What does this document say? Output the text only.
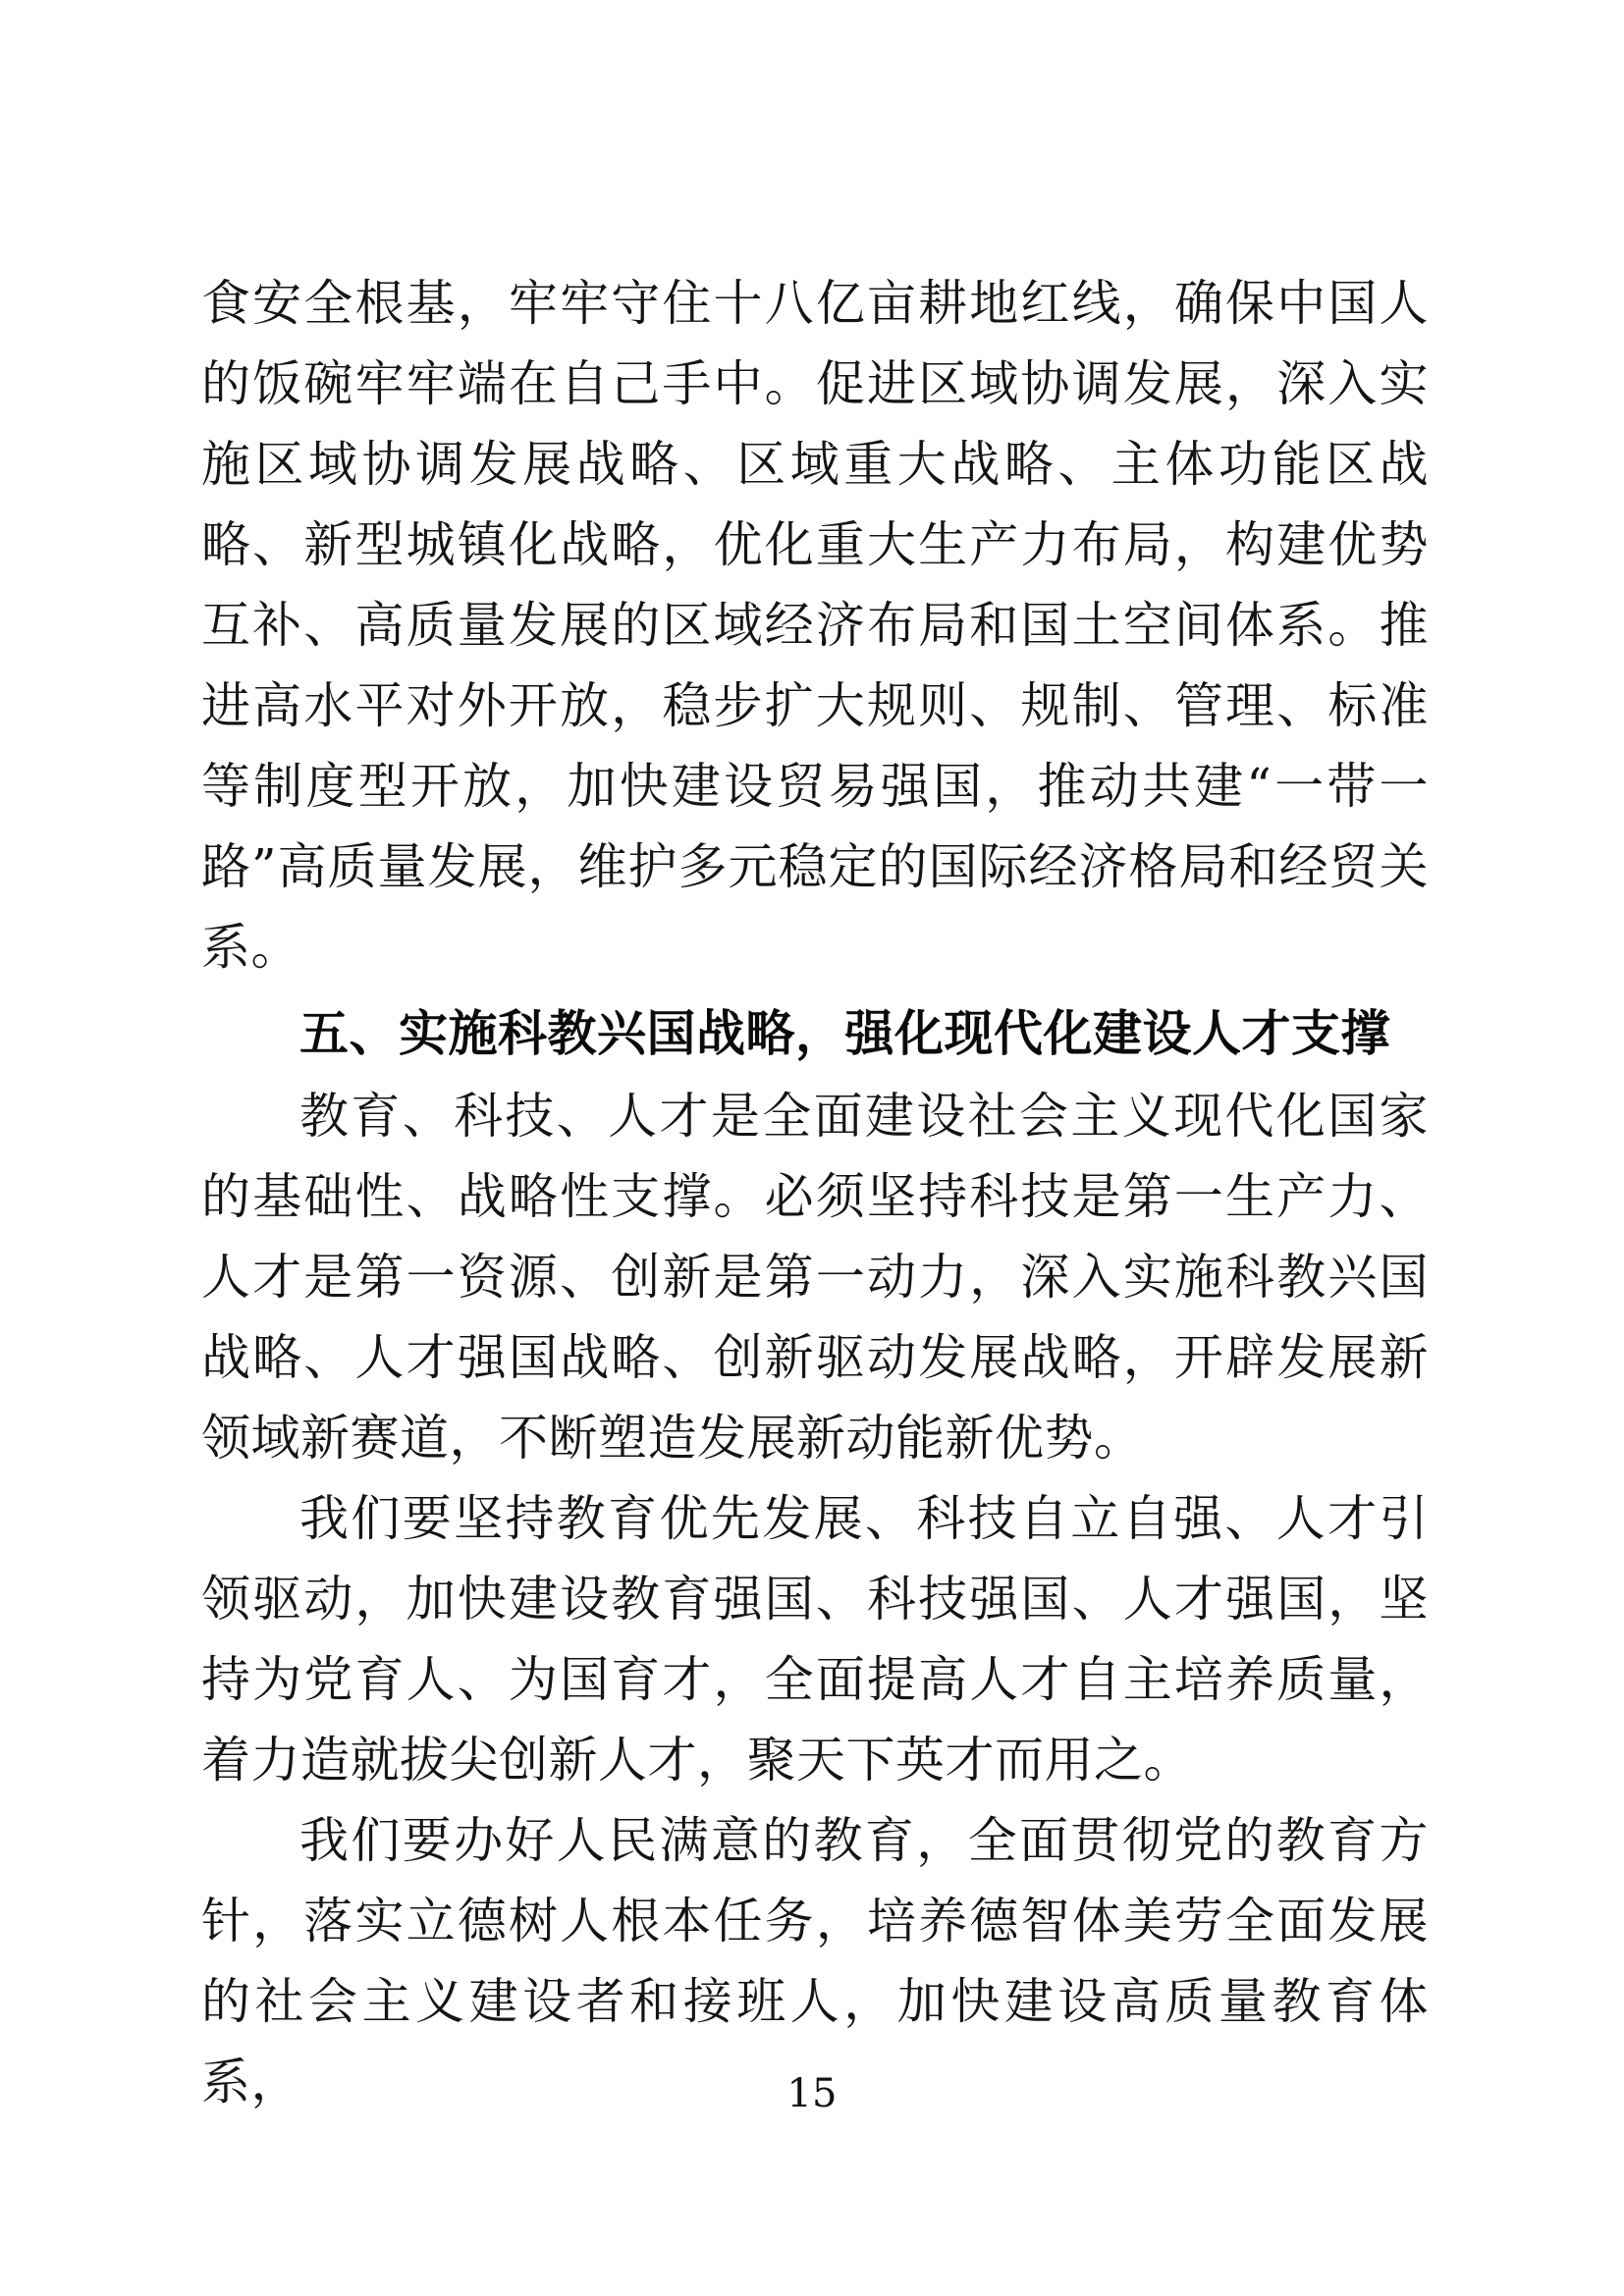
食安全根基，牢牢守住十八亿亩耕地红线，确保中国人的饭碗牢牢端在自己手中。促进区域协调发展，深入实施区域协调发展战略、区域重大战略、主体功能区战略、新型城镇化战略，优化重大生产力布局，构建优势互补、高质量发展的区域经济布局和国土空间体系。推进高水平对外开放，稳步扩大规则、规制、管理、标准等制度型开放，加快建设贸易强国，推动共建“一带一路”高质量发展，维护多元稳定的国际经济格局和经贸关系。

五、实施科教兴国战略，强化现代化建设人才支撑

教育、科技、人才是全面建设社会主义现代化国家的基础性、战略性支撑。必须坚持科技是第一生产力、人才是第一资源、创新是第一动力，深入实施科教兴国战略、人才强国战略、创新驱动发展战略，开辟发展新领域新赛道，不断塑造发展新动能新优势。

我们要坚持教育优先发展、科技自立自强、人才引领驱动，加快建设教育强国、科技强国、人才强国，坚持为党育人、为国育才，全面提高人才自主培养质量，着力造就拔尖创新人才，聚天下英才而用之。

我们要办好人民满意的教育，全面贯彻党的教育方针，落实立德树人根本任务，培养德智体美劳全面发展的社会主义建设者和接班人，加快建设高质量教育体系，	15
